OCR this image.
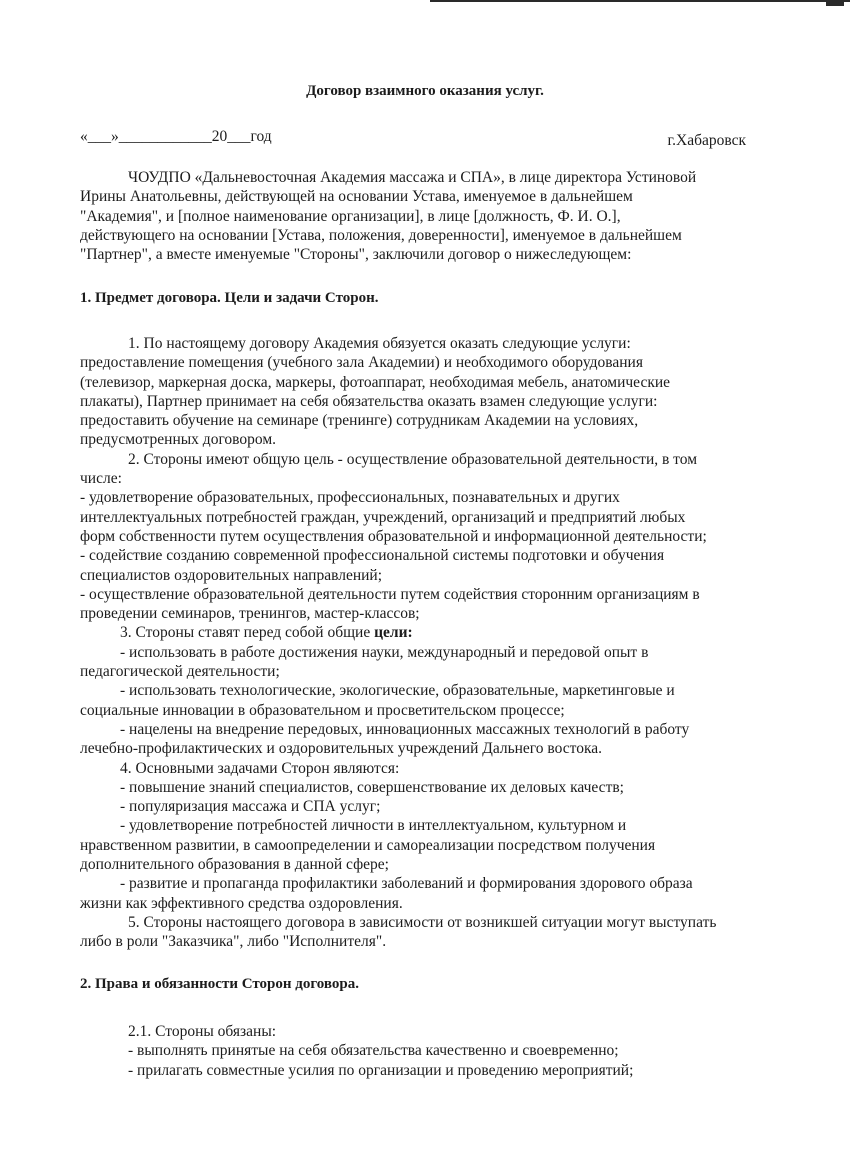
Договор взаимного оказания услуг.
«___»____________20___год	г.Хабаровск

ЧОУДПО «Дальневосточная Академия массажа и СПА», в лице директора Устиновой

Ирины Анатольевны, действующей на основании Устава, именуемое в дальнейшем

"Академия", и [полное наименование организации], в лице [должность, Ф. И. О.],

действующего на основании [Устава, положения, доверенности], именуемое в дальнейшем

"Партнер", а вместе именуемые "Стороны", заключили договор о нижеследующем:

1. Предмет договора. Цели и задачи Сторон.

1. По настоящему договору Академия обязуется оказать следующие услуги:

предоставление помещения (учебного зала Академии) и необходимого оборудования

(телевизор, маркерная доска, маркеры, фотоаппарат, необходимая мебель, анатомические

плакаты), Партнер принимает на себя обязательства оказать взамен следующие услуги:

предоставить обучение на семинаре (тренинге) сотрудникам Академии на условиях,

предусмотренных договором.

2. Стороны имеют общую цель - осуществление образовательной деятельности, в том

числе:

- удовлетворение образовательных, профессиональных, познавательных и других

интеллектуальных потребностей граждан, учреждений, организаций и предприятий любых

форм собственности путем осуществления образовательной и информационной деятельности;

- содействие созданию современной профессиональной системы подготовки и обучения

специалистов оздоровительных направлений;

- осуществление образовательной деятельности путем содействия сторонним организациям в

проведении семинаров, тренингов, мастер-классов;

3. Стороны ставят перед собой общие цели:

- использовать в работе достижения науки, международный и передовой опыт в

педагогической деятельности;

- использовать технологические, экологические, образовательные, маркетинговые и

социальные инновации в образовательном и просветительском процессе;

- нацелены на внедрение передовых, инновационных массажных технологий в работу

лечебно-профилактических и оздоровительных учреждений Дальнего востока.

4. Основными задачами Сторон являются:

- повышение знаний специалистов, совершенствование их деловых качеств;

- популяризация массажа и СПА услуг;

- удовлетворение потребностей личности в интеллектуальном, культурном и

нравственном развитии, в самоопределении и самореализации посредством получения

дополнительного образования в данной сфере;

- развитие и пропаганда профилактики заболеваний и формирования здорового образа

жизни как эффективного средства оздоровления.

5. Стороны настоящего договора в зависимости от возникшей ситуации могут выступать

либо в роли "Заказчика", либо "Исполнителя".

2. Права и обязанности Сторон договора.

2.1. Стороны обязаны:

- выполнять принятые на себя обязательства качественно и своевременно;

- прилагать совместные усилия по организации и проведению мероприятий;
